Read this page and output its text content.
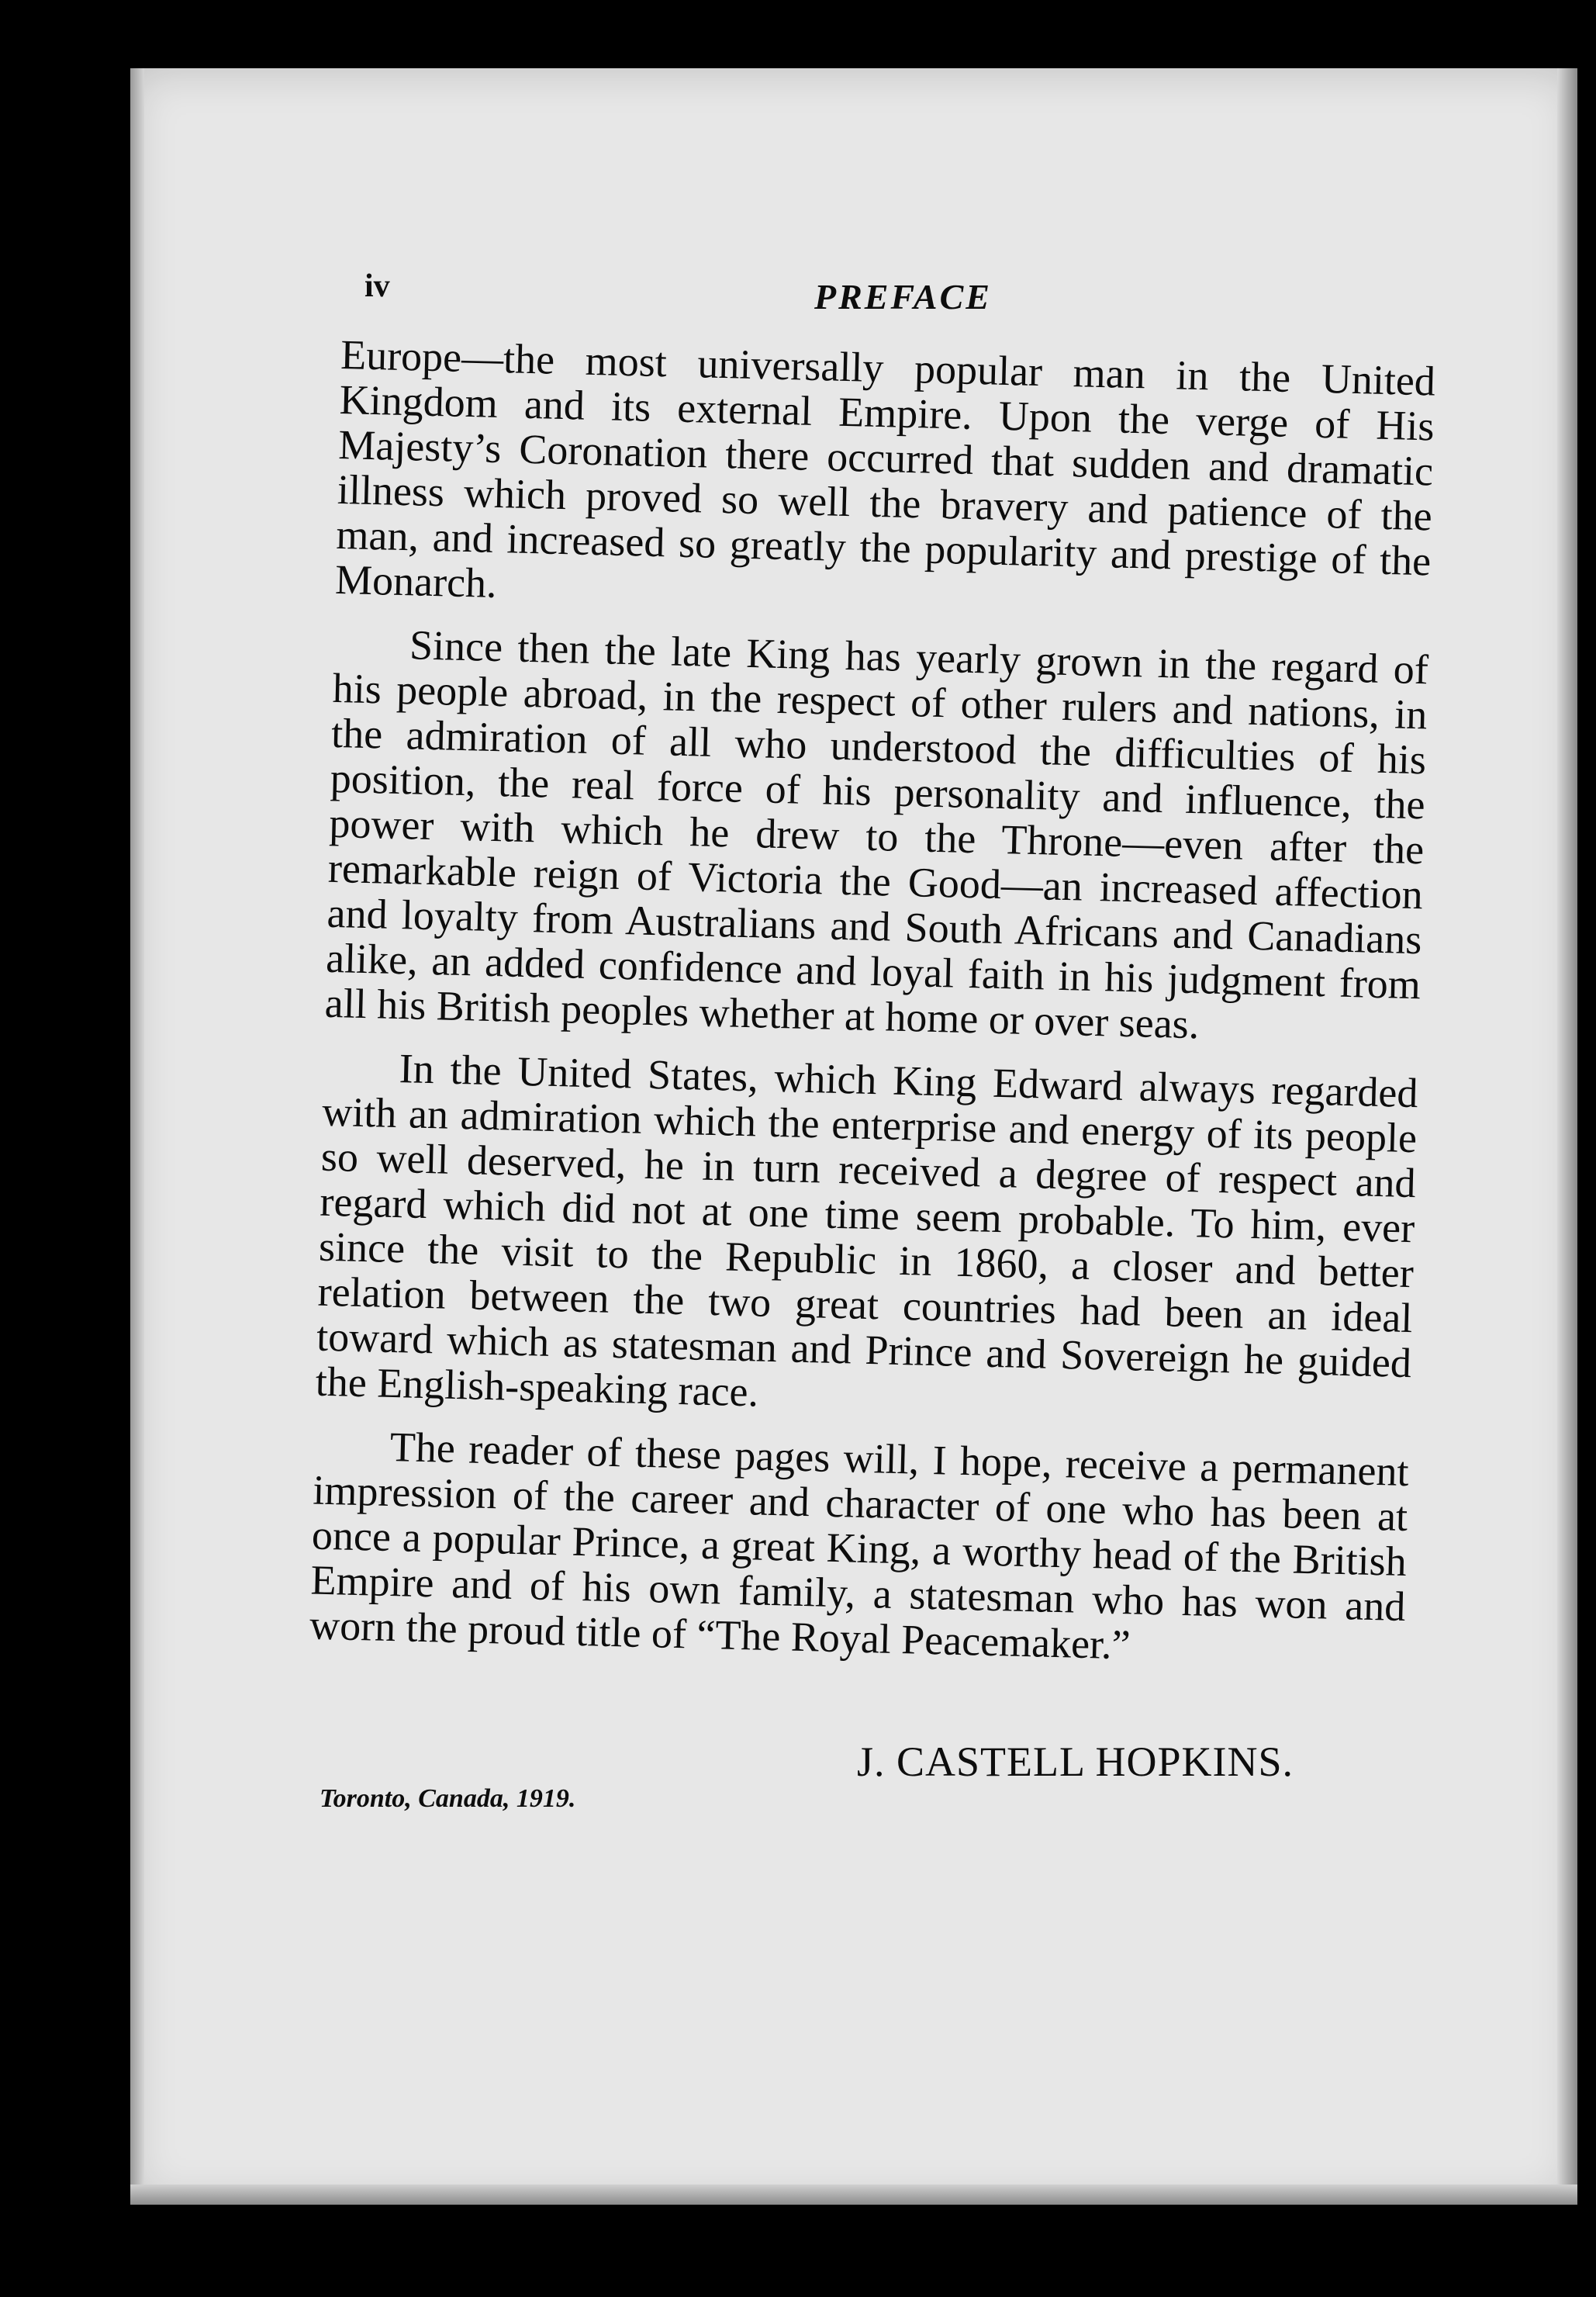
iv	PREFACE

Europe—the most universally popular man in the United Kingdom and its external Empire. Upon the verge of His Majesty’s Coronation there occurred that sudden and dramatic illness which proved so well the bravery and patience of the man, and increased so greatly the popularity and prestige of the Monarch.

Since then the late King has yearly grown in the regard of his people abroad, in the respect of other rulers and nations, in the admiration of all who understood the difficulties of his position, the real force of his personality and influence, the power with which he drew to the Throne—even after the remarkable reign of Victoria the Good—an increased affection and loyalty from Australians and South Africans and Canadians alike, an added confidence and loyal faith in his judgment from all his British peoples whether at home or over seas.

In the United States, which King Edward always regarded with an admiration which the enterprise and energy of its people so well deserved, he in turn received a degree of respect and regard which did not at one time seem probable. To him, ever since the visit to the Republic in 1860, a closer and better relation between the two great countries had been an ideal toward which as statesman and Prince and Sovereign he guided the English-speaking race.

The reader of these pages will, I hope, receive a permanent impression of the career and character of one who has been at once a popular Prince, a great King, a worthy head of the British Empire and of his own family, a statesman who has won and worn the proud title of “The Royal Peacemaker.”

J. CASTELL HOPKINS.
Toronto, Canada, 1919.
